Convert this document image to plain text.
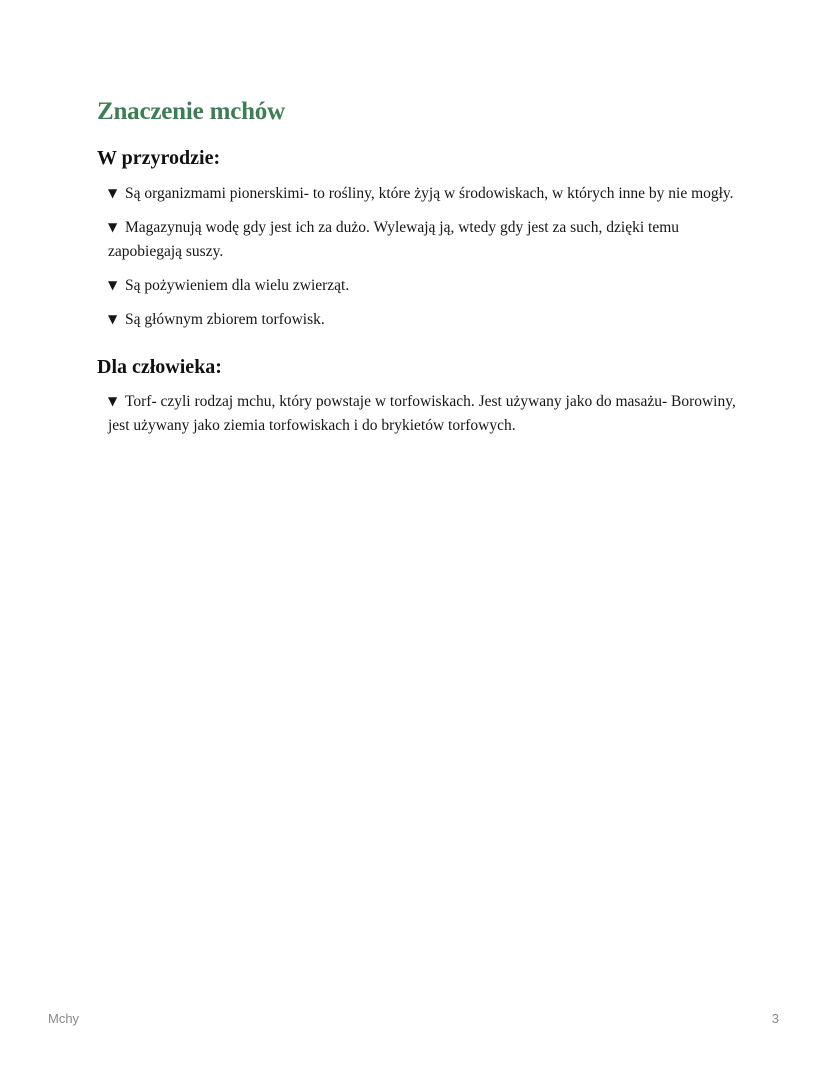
Znaczenie mchów
W przyrodzie:
▼ Są organizmami pionerskimi- to rośliny, które żyją w środowiskach, w których inne by nie mogły.
▼ Magazynują wodę gdy jest ich za dużo. Wylewają ją, wtedy gdy jest za such, dzięki temu zapobiegają suszy.
▼ Są pożywieniem dla wielu zwierząt.
▼ Są głównym zbiorem torfowisk.
Dla człowieka:
▼ Torf- czyli rodzaj mchu, który powstaje w torfowiskach. Jest używany jako do masażu- Borowiny, jest używany jako ziemia torfowiskach i do brykietów torfowych.
Mchy	3
